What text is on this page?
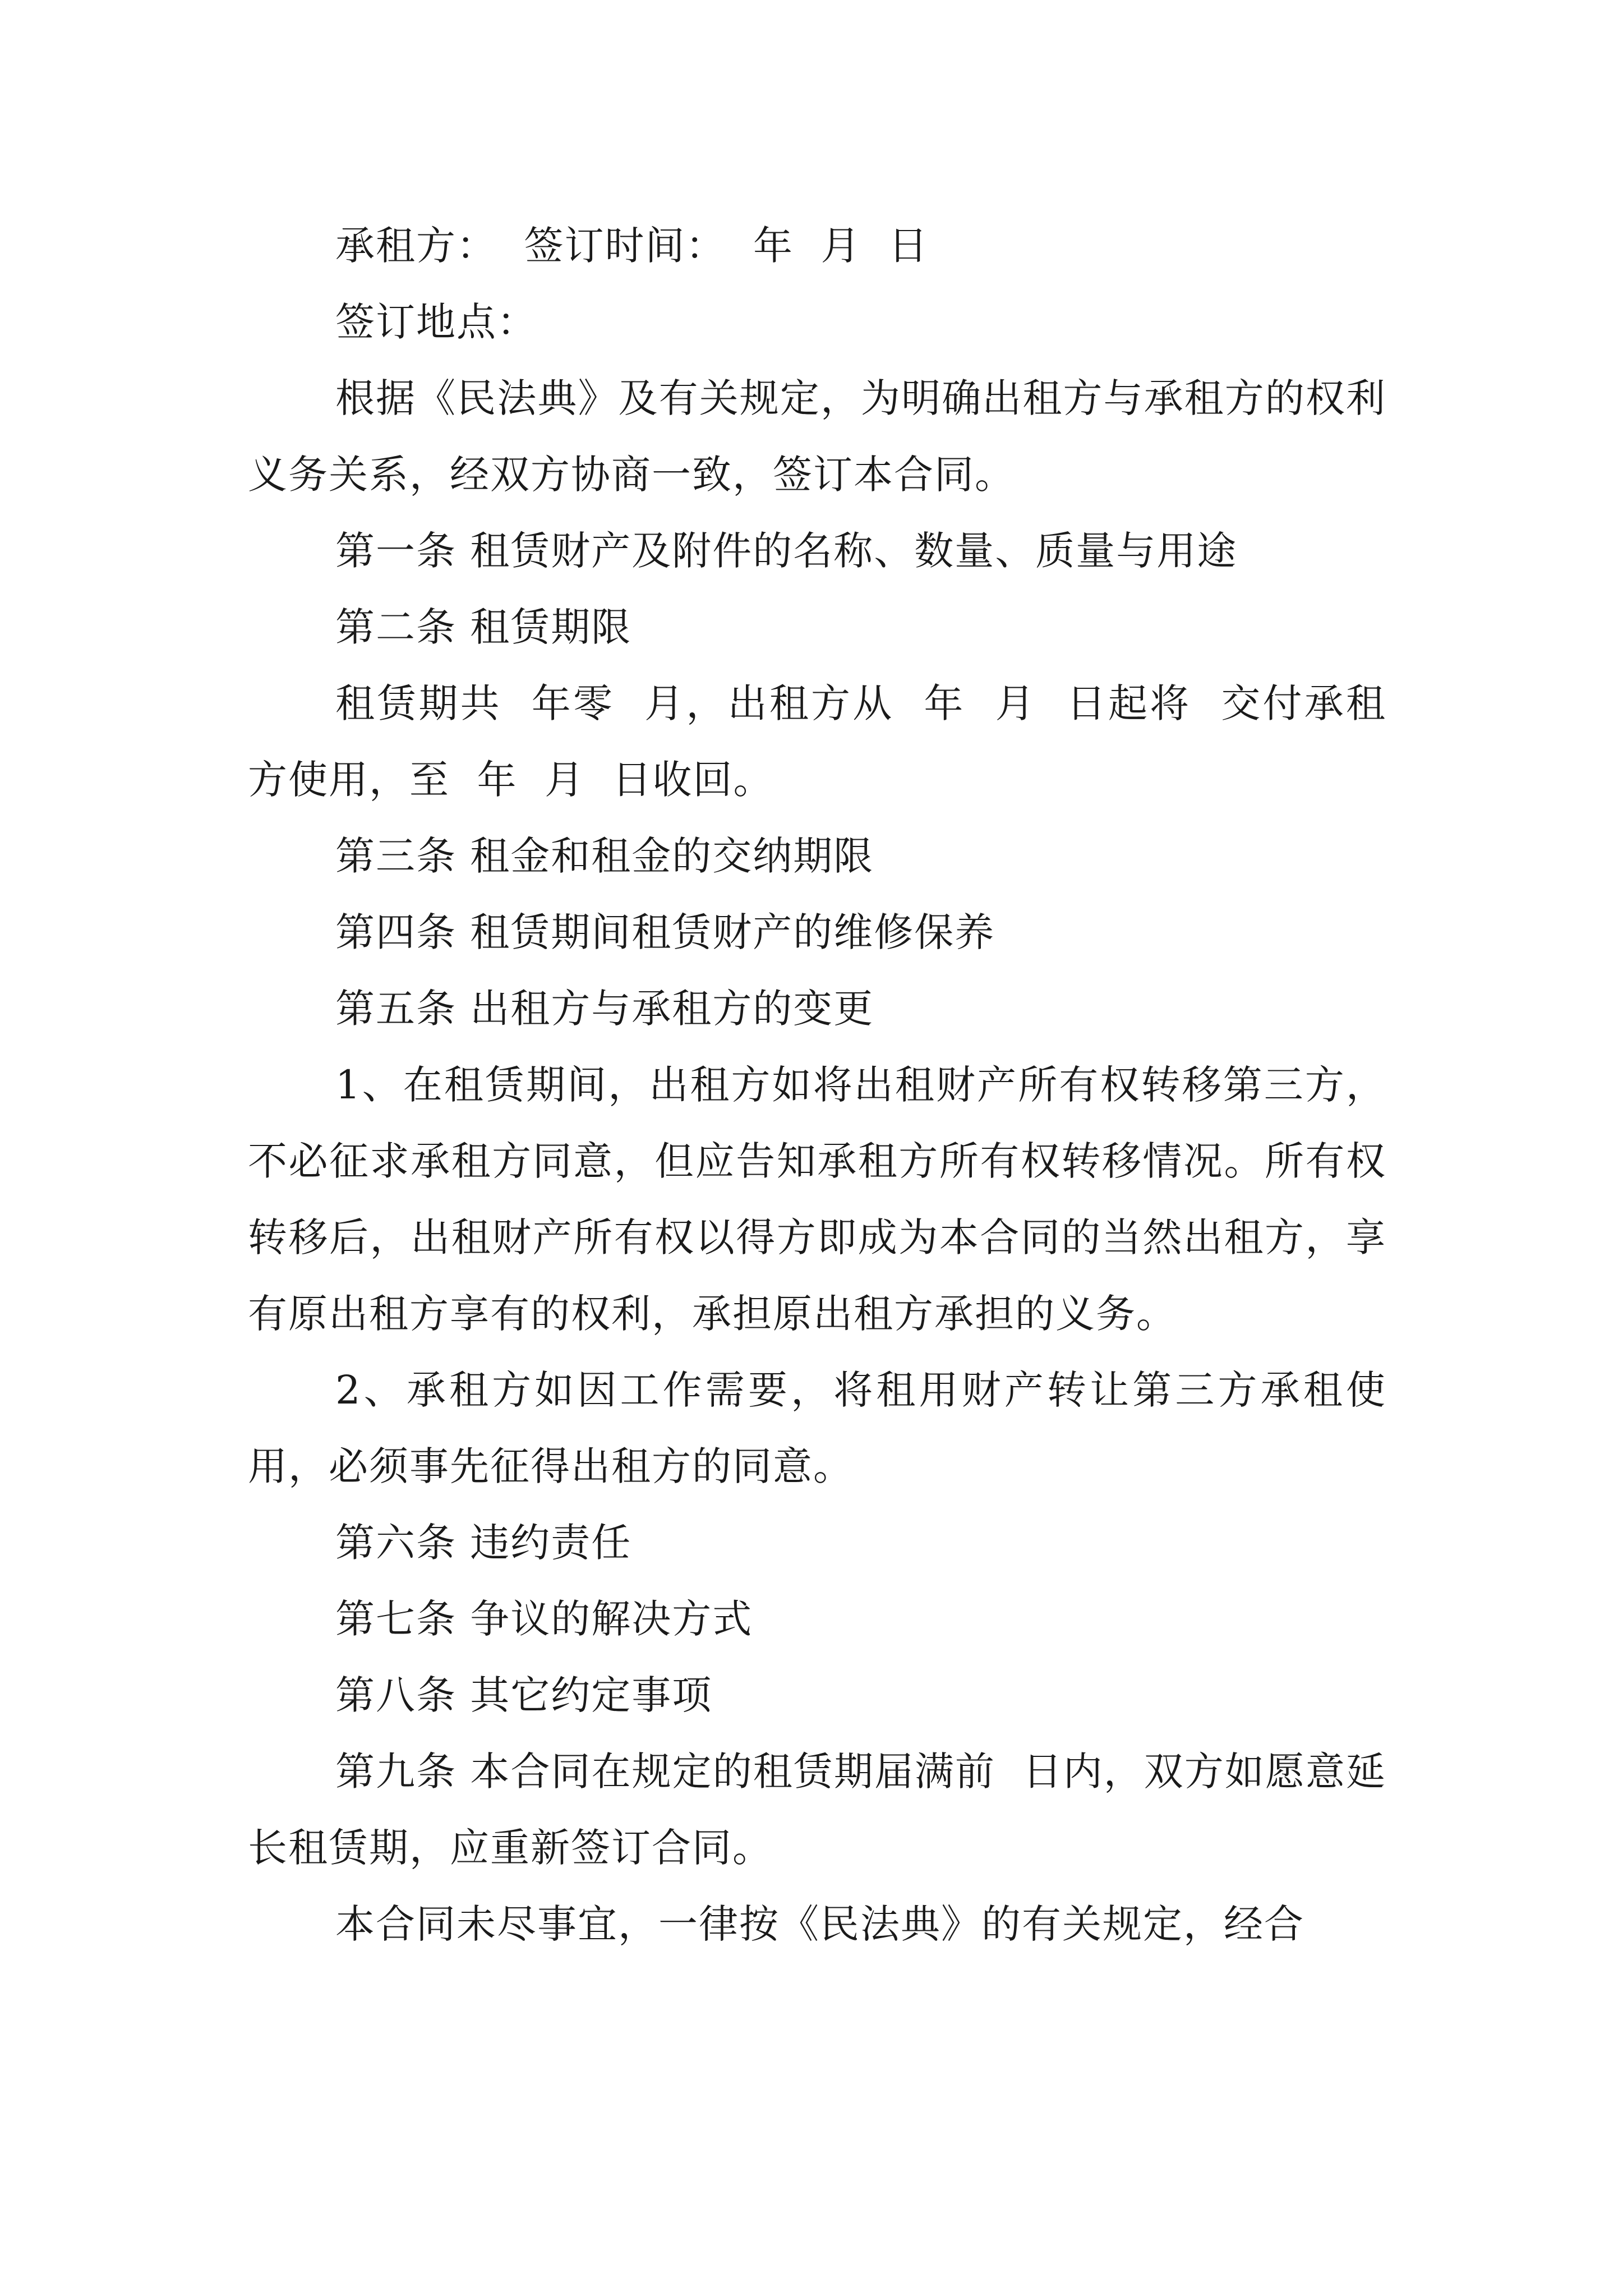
承租方：  签订时间：  年  月  日

签订地点：

根据《民法典》及有关规定，为明确出租方与承租方的权利义务关系，经双方协商一致，签订本合同。

第一条 租赁财产及附件的名称、数量、质量与用途

第二条 租赁期限

租赁期共  年零  月，出租方从  年  月  日起将  交付承租方使用，至  年  月  日收回。

第三条 租金和租金的交纳期限

第四条 租赁期间租赁财产的维修保养

第五条 出租方与承租方的变更

1、在租赁期间，出租方如将出租财产所有权转移第三方，不必征求承租方同意，但应告知承租方所有权转移情况。所有权转移后，出租财产所有权以得方即成为本合同的当然出租方，享有原出租方享有的权利，承担原出租方承担的义务。

2、承租方如因工作需要，将租用财产转让第三方承租使用，必须事先征得出租方的同意。

第六条 违约责任

第七条 争议的解决方式

第八条 其它约定事项

第九条 本合同在规定的租赁期届满前  日内，双方如愿意延长租赁期，应重新签订合同。

本合同未尽事宜，一律按《民法典》的有关规定，经合
